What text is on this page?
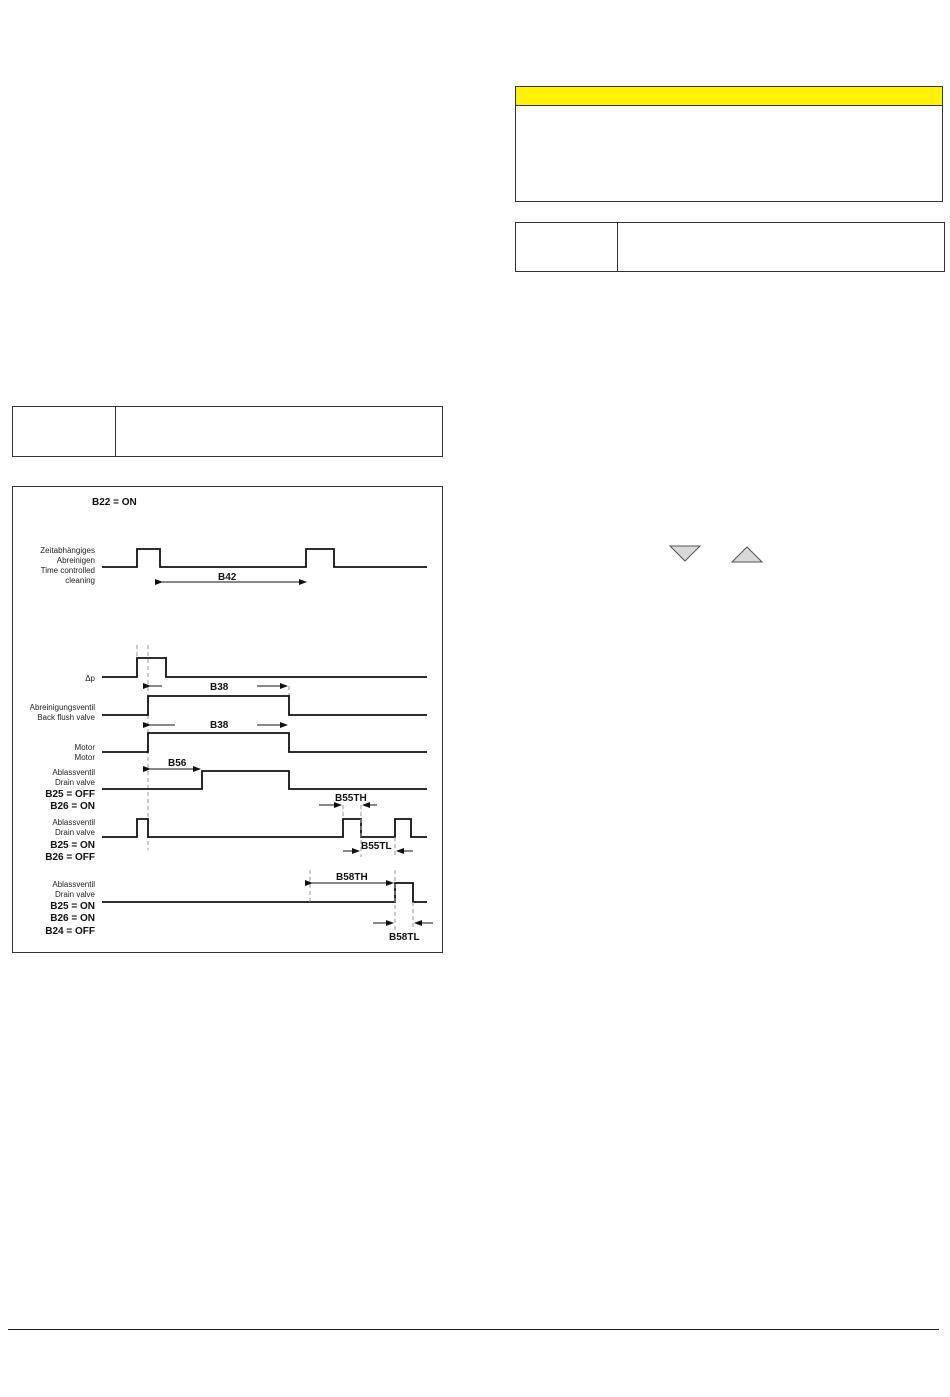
B22 = ON
Zeitabhängiges
Abreinigen
Time controlled
cleaning	B42
Δp
B38
Abreinigungsventil
Back flush valve
B38
Motor
Motor
B56
Ablassventil
Drain valve
B25 = OFF
B26 = ON
B55TH
Ablassventil
Drain valve
B25 = ON
B26 = OFF
B55TL
Ablassventil
Drain valve
B25 = ON
B26 = ON
B24 = OFF
B58TH
B58TL
